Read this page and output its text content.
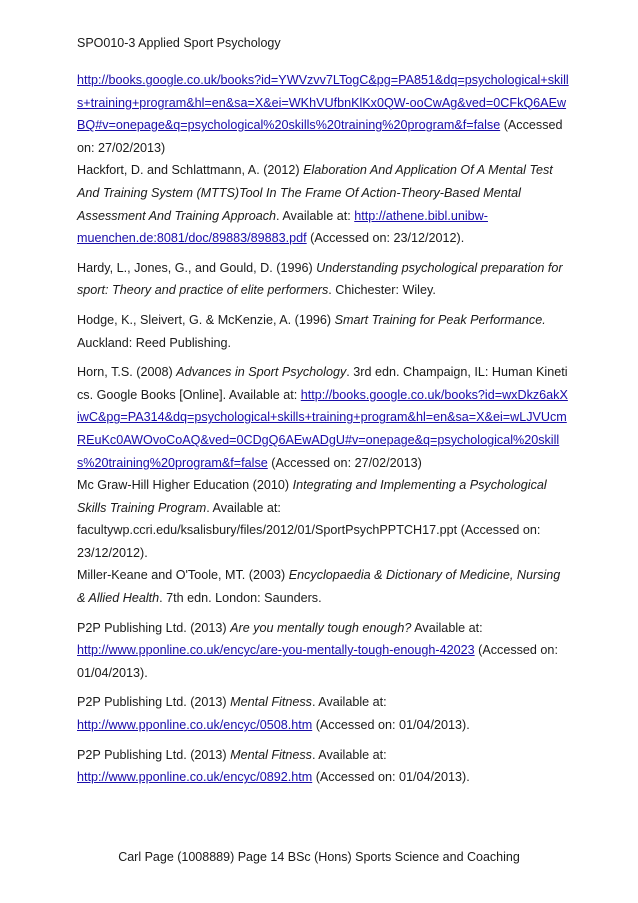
SPO010-3 Applied Sport Psychology

http://books.google.co.uk/books?id=YWVzvv7LTogC&pg=PA851&dq=psychological+skills+training+program&hl=en&sa=X&ei=WKhVUfbnKlKx0QW-ooCwAg&ved=0CFkQ6AEwBQ#v=onepage&q=psychological%20skills%20training%20program&f=false (Accessed on: 27/02/2013)

Hackfort, D. and Schlattmann, A. (2012) Elaboration And Application Of A Mental Test And Training System (MTTS)Tool In The Frame Of Action-Theory-Based Mental Assessment And Training Approach. Available at: http://athene.bibl.unibw-muenchen.de:8081/doc/89883/89883.pdf (Accessed on: 23/12/2012).

Hardy, L., Jones, G., and Gould, D. (1996) Understanding psychological preparation for sport: Theory and practice of elite performers. Chichester: Wiley.

Hodge, K., Sleivert, G. & McKenzie, A. (1996) Smart Training for Peak Performance. Auckland: Reed Publishing.

Horn, T.S. (2008) Advances in Sport Psychology. 3rd edn. Champaign, IL: Human Kinetics. Google Books [Online]. Available at: http://books.google.co.uk/books?id=wxDkz6akXiwC&pg=PA314&dq=psychological+skills+training+program&hl=en&sa=X&ei=wLJVUcmREuKc0AWOvoCoAQ&ved=0CDgQ6AEwADgU#v=onepage&q=psychological%20skills%20training%20program&f=false (Accessed on: 27/02/2013)

Mc Graw-Hill Higher Education (2010) Integrating and Implementing a Psychological Skills Training Program. Available at: facultywp.ccri.edu/ksalisbury/files/2012/01/SportPsychPPTCH17.ppt (Accessed on: 23/12/2012).

Miller-Keane and O'Toole, MT. (2003) Encyclopaedia & Dictionary of Medicine, Nursing & Allied Health. 7th edn. London: Saunders.

P2P Publishing Ltd. (2013) Are you mentally tough enough? Available at: http://www.pponline.co.uk/encyc/are-you-mentally-tough-enough-42023 (Accessed on: 01/04/2013).

P2P Publishing Ltd. (2013) Mental Fitness. Available at: http://www.pponline.co.uk/encyc/0508.htm (Accessed on: 01/04/2013).

P2P Publishing Ltd. (2013) Mental Fitness. Available at: http://www.pponline.co.uk/encyc/0892.htm (Accessed on: 01/04/2013).

Carl Page (1008889) Page 14 BSc (Hons) Sports Science and Coaching
